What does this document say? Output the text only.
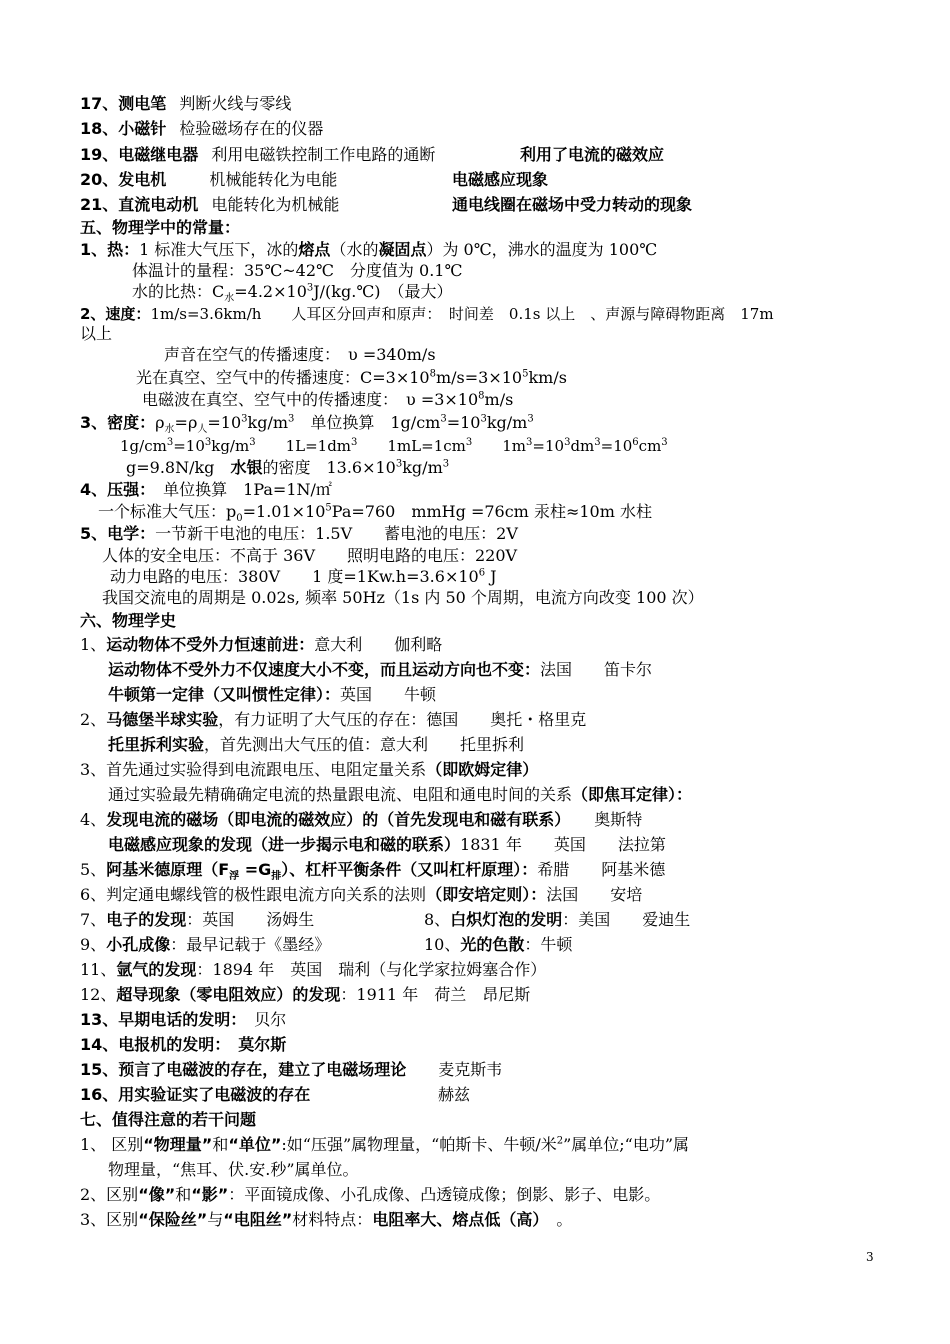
17、测电笔 判断火线与零线
18、小磁针 检验磁场存在的仪器
19、电磁继电器 利用电磁铁控制工作电路的通断	利用了电流的磁效应
20、发电机	机械能转化为电能	电磁感应现象
21、直流电动机 电能转化为机械能	通电线圈在磁场中受力转动的现象
五、物理学中的常量：
1、热：1 标准大气压下，冰的熔点（水的凝固点）为 0℃，沸水的温度为 100℃
体温计的量程：35℃~42℃　分度值为 0.1℃
水的比热：$C_水=4.2\times 10^3J/(kg.℃)$　（最大）
2、速度：1m/s=3.6km/h　　人耳区分回声和原声：　时间差　0.1s 以上　、声源与障碍物距离　17m
以上
声音在空气的传播速度：　υ =340m/s
光在真空、空气中的传播速度：$C=3\times 10^8m/s=3\times 10^5km/s$
电磁波在真空、空气中的传播速度：　$\upsilon =3\times 10^8m/s$
3、密度：$\rho_水=\rho_人=10^3kg/m^3$　单位换算　$1g/cm^3=10^3kg/m^3$
$1g/cm^3=10^3kg/m^3$　　$1L=1dm^3$　　$1mL=1cm^3$　　$1m^3=10^3dm^3=10^6cm^3$
g=9.8N/kg　水银的密度　$13.6\times 10^3kg/m^3$
4、压强：　单位换算　1Pa=1N/㎡
一个标准大气压：$p_0=1.01\times 10^5Pa=760$　mmHg =76cm 汞柱≈10m 水柱
5、电学：一节新干电池的电压：1.5V　　蓄电池的电压：2V
人体的安全电压：不高于 36V　　照明电路的电压：220V
动力电路的电压：380V　　1 度$=1Kw.h=3.6\times 10^6$ J
我国交流电的周期是 0.02s, 频率 50Hz（1s 内 50 个周期，电流方向改变 100 次）
六、物理学史
1、运动物体不受外力恒速前进：意大利　　伽利略
运动物体不受外力不仅速度大小不变，而且运动方向也不变：法国　　笛卡尔
牛顿第一定律（又叫惯性定律）：英国　　牛顿
2、马德堡半球实验，有力证明了大气压的存在：德国　　奥托・格里克
托里拆利实验，首先测出大气压的值：意大利　　托里拆利
3、首先通过实验得到电流跟电压、电阻定量关系（即欧姆定律）
通过实验最先精确确定电流的热量跟电流、电阻和通电时间的关系（即焦耳定律）：
4、发现电流的磁场（即电流的磁效应）的（首先发现电和磁有联系）　　奥斯特
电磁感应现象的发现（进一步揭示电和磁的联系）1831 年　　英国　　法拉第
5、阿基米德原理$(F_浮 =G_排)$、杠杆平衡条件（又叫杠杆原理）：希腊　　阿基米德
6、判定通电螺线管的极性跟电流方向关系的法则（即安培定则）：法国　　安培
7、电子的发现：英国　　汤姆生	8、白炽灯泡的发明：美国　　爱迪生
9、小孔成像：最早记载于《墨经》	10、光的色散：牛顿
11、氩气的发现：1894 年　英国　瑞利（与化学家拉姆塞合作）
12、超导现象（零电阻效应）的发现：1911 年　荷兰　昂尼斯
13、早期电话的发明：　贝尔
14、电报机的发明：　莫尔斯
15、预言了电磁波的存在，建立了电磁场理论　　麦克斯韦
16、用实验证实了电磁波的存在	赫兹
七、值得注意的若干问题
1、 区别“物理量”和“单位”:如“压强”属物理量，“帕斯卡、牛顿/米$^2$”属单位;“电功”属
物理量，“焦耳、伏.安.秒”属单位。
2、区别“像”和“影”：平面镜成像、小孔成像、凸透镜成像；倒影、影子、电影。
3、区别“保险丝”与“电阻丝”材料特点：电阻率大、熔点低（高）　。
3
